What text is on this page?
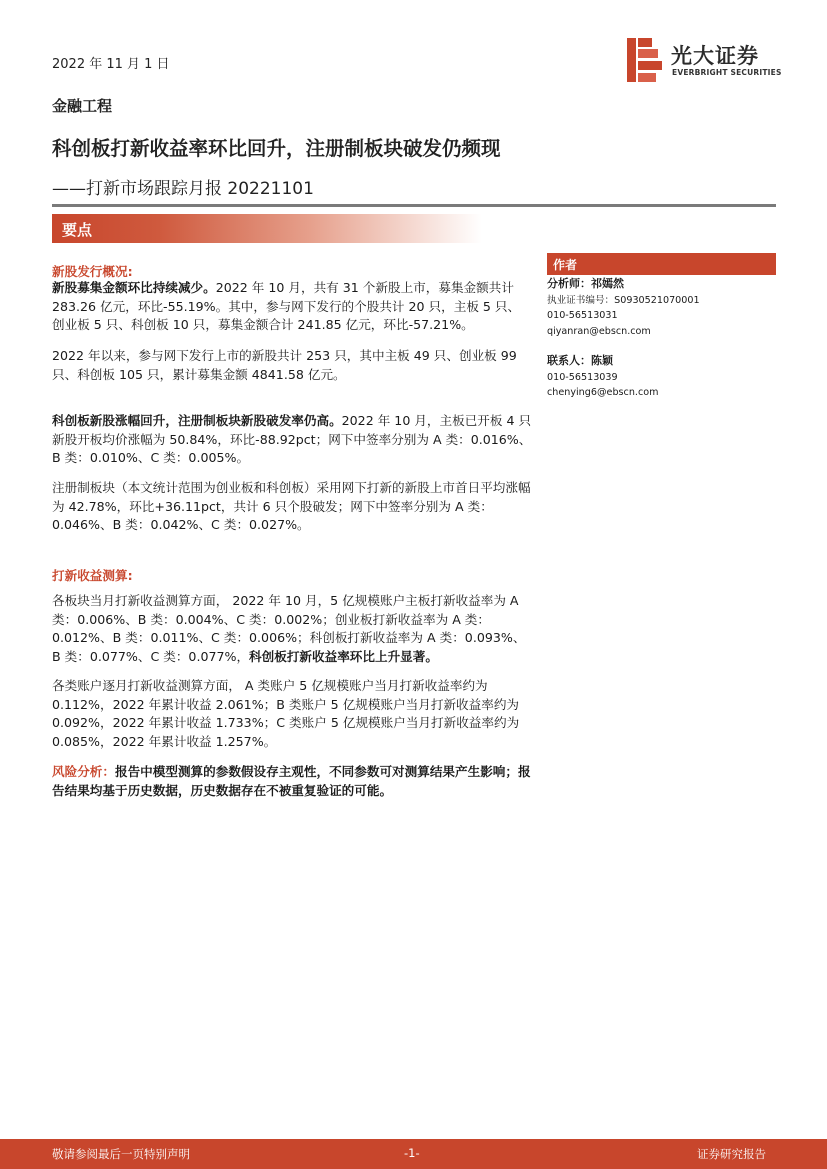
2022 年 11 月 1 日	光大证券
EVERBRIGHT SECURITIES
金融工程
科创板打新收益率环比回升，注册制板块破发仍频现
——打新市场跟踪月报 20221101
要点
新股发行概况:

新股募集金额环比持续减少。2022 年 10 月，共有 31 个新股上市，募集金额共计 283.26 亿元，环比-55.19%。其中，参与网下发行的个股共计 20 只，主板 5 只、创业板 5 只、科创板 10 只，募集金额合计 241.85 亿元，环比-57.21%。

2022 年以来，参与网下发行上市的新股共计 253 只，其中主板 49 只、创业板 99 只、科创板 105 只，累计募集金额 4841.58 亿元。

科创板新股涨幅回升，注册制板块新股破发率仍高。2022 年 10 月，主板已开板 4 只新股开板均价涨幅为 50.84%，环比-88.92pct；网下中签率分别为 A 类：0.016%、B 类：0.010%、C 类：0.005%。

注册制板块（本文统计范围为创业板和科创板）采用网下打新的新股上市首日平均涨幅为 42.78%，环比+36.11pct，共计 6 只个股破发；网下中签率分别为 A 类：0.046%、B 类：0.042%、C 类：0.027%。
打新收益测算:

各板块当月打新收益测算方面， 2022 年 10 月，5 亿规模账户主板打新收益率为 A 类：0.006%、B 类：0.004%、C 类：0.002%；创业板打新收益率为 A 类：0.012%、B 类：0.011%、C 类：0.006%；科创板打新收益率为 A 类：0.093%、B 类：0.077%、C 类：0.077%，科创板打新收益率环比上升显著。

各类账户逐月打新收益测算方面， A 类账户 5 亿规模账户当月打新收益率约为 0.112%，2022 年累计收益 2.061%；B 类账户 5 亿规模账户当月打新收益率约为 0.092%，2022 年累计收益 1.733%；C 类账户 5 亿规模账户当月打新收益率约为 0.085%，2022 年累计收益 1.257%。

风险分析：报告中模型测算的参数假设存主观性，不同参数可对测算结果产生影响；报告结果均基于历史数据，历史数据存在不被重复验证的可能。

作者
分析师：祁嫣然
执业证书编号：S0930521070001
010-56513031
qiyanran@ebscn.com
联系人：陈颖
010-56513039
chenying6@ebscn.com
敬请参阅最后一页特别声明	-1-	证券研究报告
